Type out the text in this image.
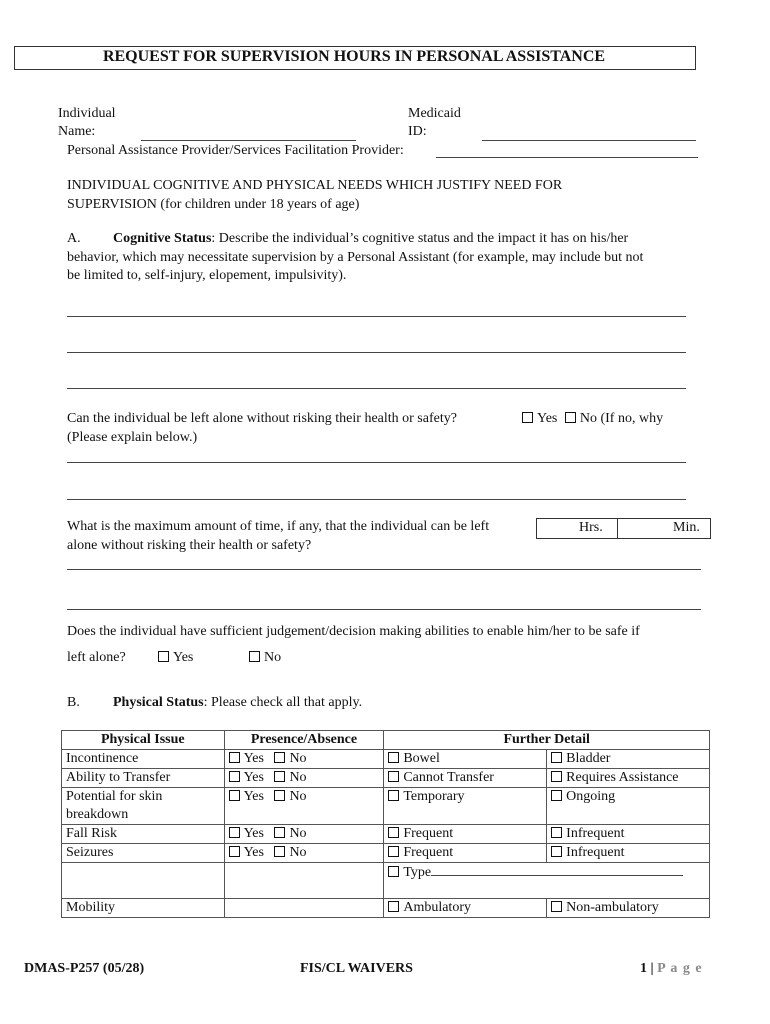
REQUEST FOR SUPERVISION HOURS IN PERSONAL ASSISTANCE
Individual
Name:
Medicaid
ID:
Personal Assistance Provider/Services Facilitation Provider:
INDIVIDUAL COGNITIVE AND PHYSICAL NEEDS WHICH JUSTIFY NEED FOR
SUPERVISION (for children under 18 years of age)
A. Cognitive Status: Describe the individual’s cognitive status and the impact it has on his/her
behavior, which may necessitate supervision by a Personal Assistant (for example, may include but not
be limited to, self-injury, elopement, impulsivity).
Can the individual be left alone without risking their health or safety?	Yes No (If no, why
(Please explain below.)
What is the maximum amount of time, if any, that the individual can be left
alone without risking their health or safety?
Hrs.	Min.
Does the individual have sufficient judgement/decision making abilities to enable him/her to be safe if
left alone?	Yes	No
B. Physical Status: Please check all that apply.
Physical Issue	Presence/Absence	Further Detail	
Incontinence	Yes No	Bowel	Bladder
Ability to Transfer	Yes No	Cannot Transfer	Requires Assistance
Potential for skin breakdown	Yes No	Temporary	Ongoing
Fall Risk	Yes No	Frequent	Infrequent
Seizures	Yes No	Frequent	Infrequent
		Type	
Mobility		Ambulatory	Non-ambulatory
DMAS-P257 (05/28)	FIS/CL WAIVERS	1 | P a g e
